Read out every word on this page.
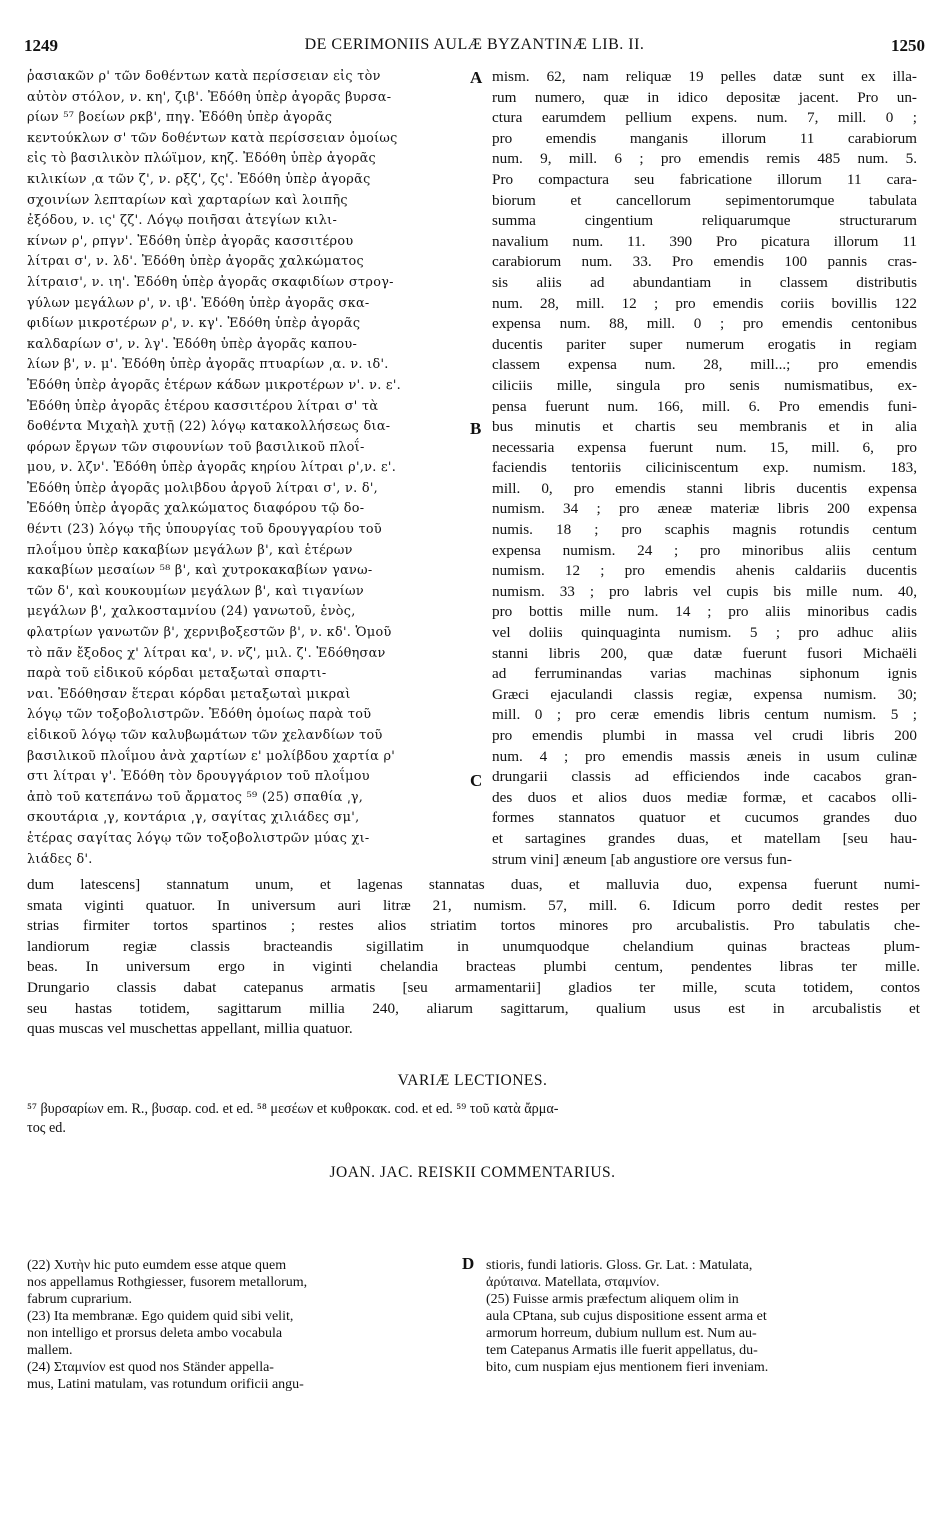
1249	DE CERIMONIIS AULÆ BYZANTINÆ LIB. II.	1250
ῥασιακῶν ρ' τῶν δοθέντων κατὰ περίσσειαν εἰς τὸν
αὐτὸν στόλον, ν. κη', ζιβ'. Ἐδόθη ὑπὲρ ἀγορᾶς βυρσα-
ρίων ⁵⁷ βοείων ρκβ', πηγ. Ἐδόθη ὑπὲρ ἀγορᾶς
κεντούκλων σ' τῶν δοθέντων κατὰ περίσσειαν ὁμοίως
εἰς τὸ βασιλικὸν πλώϊμον, κηζ. Ἐδόθη ὑπὲρ ἀγορᾶς
κιλικίων ͵α τῶν ζ', ν. ρξζ', ζς'. Ἐδόθη ὑπὲρ ἀγορᾶς
σχοινίων λεπταρίων καὶ χαρταρίων καὶ λοιπῆς
ἐξόδου, ν. ις' ζζ'. Λόγῳ ποιῆσαι ἀτεγίων κιλι-
κίνων ρ', ρπγν'. Ἐδόθη ὑπὲρ ἀγορᾶς κασσιτέρου
λίτραι σ', ν. λδ'. Ἐδόθη ὑπὲρ ἀγορᾶς χαλκώματος
λίτραισ', ν. ιη'. Ἐδόθη ὑπὲρ ἀγορᾶς σκαφιδίων στρογ-
γύλων μεγάλων ρ', ν. ιβ'. Ἐδόθη ὑπὲρ ἀγορᾶς σκα-
φιδίων μικροτέρων ρ', ν. κγ'. Ἐδόθη ὑπὲρ ἀγορᾶς
καλδαρίων σ', ν. λγ'. Ἐδόθη ὑπὲρ ἀγορᾶς καπου-
λίων β', ν. μ'. Ἐδόθη ὑπὲρ ἀγορᾶς πτυαρίων ͵α. ν. ιδ'.
Ἐδόθη ὑπὲρ ἀγορᾶς ἑτέρων κάδων μικροτέρων ν'. ν. ε'.
Ἐδόθη ὑπὲρ ἀγορᾶς ἑτέρου κασσιτέρου λίτραι σ' τὰ
δοθέντα Μιχαὴλ χυτῇ (22) λόγῳ κατακολλήσεως δια-
φόρων ἔργων τῶν σιφουνίων τοῦ βασιλικοῦ πλοΐ-
μου, ν. λζν'. Ἐδόθη ὑπὲρ ἀγορᾶς κηρίου λίτραι ρ',ν. ε'.
Ἐδόθη ὑπὲρ ἀγορᾶς μολιβδου ἀργοῦ λίτραι σ', ν. δ',
Ἐδόθη ὑπὲρ ἀγορᾶς χαλκώματος διαφόρου τῷ δο-
θέντι (23) λόγῳ τῆς ὑπουργίας τοῦ δρουγγαρίου τοῦ
πλοΐμου ὑπὲρ κακαβίων μεγάλων β', καὶ ἑτέρων
κακαβίων μεσαίων ⁵⁸ β', καὶ χυτροκακαβίων γανω-
τῶν δ', καὶ κουκουμίων μεγάλων β', καὶ τιγανίων
μεγάλων β', χαλκοσταμνίου (24) γανωτοῦ, ἑνὸς,
φλατρίων γανωτῶν β', χερνιβοξεστῶν β', ν. κδ'. Ὁμοῦ
τὸ πᾶν ἔξοδος χ' λίτραι κα', ν. νζ', μιλ. ζ'. Ἐδόθησαν
παρὰ τοῦ εἰδικοῦ κόρδαι μεταξωταὶ σπαρτι-
ναι. Ἐδόθησαν ἕτεραι κόρδαι μεταξωταὶ μικραὶ
λόγῳ τῶν τοξοβολιστρῶν. Ἐδόθη ὁμοίως παρὰ τοῦ
εἰδικοῦ λόγῳ τῶν καλυβωμάτων τῶν χελανδίων τοῦ
βασιλικοῦ πλοΐμου ἀνὰ χαρτίων ε' μολίβδου χαρτία ρ'
στι λίτραι γ'. Ἐδόθη τὸν δρουγγάριον τοῦ πλοΐμου
ἀπὸ τοῦ κατεπάνω τοῦ ἄρματος ⁵⁹ (25) σπαθία ͵γ,
σκουτάρια ͵γ, κοντάρια ͵γ, σαγίτας χιλιάδες σμ',
ἑτέρας σαγίτας λόγῳ τῶν τοξοβολιστρῶν μύας χι-
λιάδες δ'.
A
B
C
D
mism. 62, nam reliquæ 19 pelles datæ sunt ex illa-
rum numero, quæ in idico depositæ jacent. Pro un-
ctura earumdem pellium expens. num. 7, mill. 0 ;
pro emendis manganis illorum 11 carabiorum
num. 9, mill. 6 ; pro emendis remis 485 num. 5.
Pro compactura seu fabricatione illorum 11 cara-
biorum et cancellorum sepimentorumque tabulata
summa cingentium reliquarumque structurarum
navalium num. 11. 390 Pro picatura illorum 11
carabiorum num. 33. Pro emendis 100 pannis cras-
sis aliis ad abundantiam in classem distributis
num. 28, mill. 12 ; pro emendis coriis bovillis 122
expensa num. 88, mill. 0 ; pro emendis centonibus
ducentis pariter super numerum erogatis in regiam
classem expensa num. 28, mill...; pro emendis
ciliciis mille, singula pro senis numismatibus, ex-
pensa fuerunt num. 166, mill. 6. Pro emendis funi-
bus minutis et chartis seu membranis et in alia
necessaria expensa fuerunt num. 15, mill. 6, pro
faciendis tentoriis ciliciniscentum exp. numism. 183,
mill. 0, pro emendis stanni libris ducentis expensa
numism. 34 ; pro æneæ materiæ libris 200 expensa
numis. 18 ; pro scaphis magnis rotundis centum
expensa numism. 24 ; pro minoribus aliis centum
numism. 12 ; pro emendis ahenis caldariis ducentis
numism. 33 ; pro labris vel cupis bis mille num. 40,
pro bottis mille num. 14 ; pro aliis minoribus cadis
vel doliis quinquaginta numism. 5 ; pro adhuc aliis
stanni libris 200, quæ datæ fuerunt fusori Michaëli
ad ferruminandas varias machinas siphonum ignis
Græci ejaculandi classis regiæ, expensa numism. 30;
mill. 0 ; pro ceræ emendis libris centum numism. 5 ;
pro emendis plumbi in massa vel crudi libris 200
num. 4 ; pro emendis massis æneis in usum culinæ
drungarii classis ad efficiendos inde cacabos gran-
des duos et alios duos mediæ formæ, et cacabos olli-
formes stannatos quatuor et cucumos grandes duo
et sartagines grandes duas, et matellam [seu hau-
strum vini] æneum [ab angustiore ore versus fun-
dum latescens] stannatum unum, et lagenas stannatas duas, et malluvia duo, expensa fuerunt numi-
smata viginti quatuor. In universum auri litræ 21, numism. 57, mill. 6. Idicum porro dedit restes per
strias firmiter tortos spartinos ; restes alios striatim tortos minores pro arcubalistis. Pro tabulatis che-
landiorum regiæ classis bracteandis sigillatim in unumquodque chelandium quinas bracteas plum-
beas. In universum ergo in viginti chelandia bracteas plumbi centum, pendentes libras ter mille.
Drungario classis dabat catepanus armatis [seu armamentarii] gladios ter mille, scuta totidem, contos
seu hastas totidem, sagittarum millia 240, aliarum sagittarum, qualium usus est in arcubalistis et
quas muscas vel muschettas appellant, millia quatuor.
VARIÆ LECTIONES.
⁵⁷ βυρσαρίων em. R., βυσαρ. cod. et ed. ⁵⁸ μεσέων et κυθροκακ. cod. et ed. ⁵⁹ τοῦ κατὰ ἄρμα-
τος ed.
JOAN. JAC. REISKII COMMENTARIUS.
(22) Χυτὴν hic puto eumdem esse atque quem
nos appellamus Rothgiesser, fusorem metallorum,
fabrum cuprarium.
(23) Ita membranæ. Ego quidem quid sibi velit,
non intelligo et prorsus deleta ambo vocabula
mallem.
(24) Σταμνίον est quod nos Ständer appella-
mus, Latini matulam, vas rotundum orificii angu-
stioris, fundi latioris. Gloss. Gr. Lat. : Matulata,
ἀρύταινα. Matellata, σταμνίον.
(25) Fuisse armis præfectum aliquem olim in
aula CPtana, sub cujus dispositione essent arma et
armorum horreum, dubium nullum est. Num au-
tem Catepanus Armatis ille fuerit appellatus, du-
bito, cum nuspiam ejus mentionem fieri inveniam.
